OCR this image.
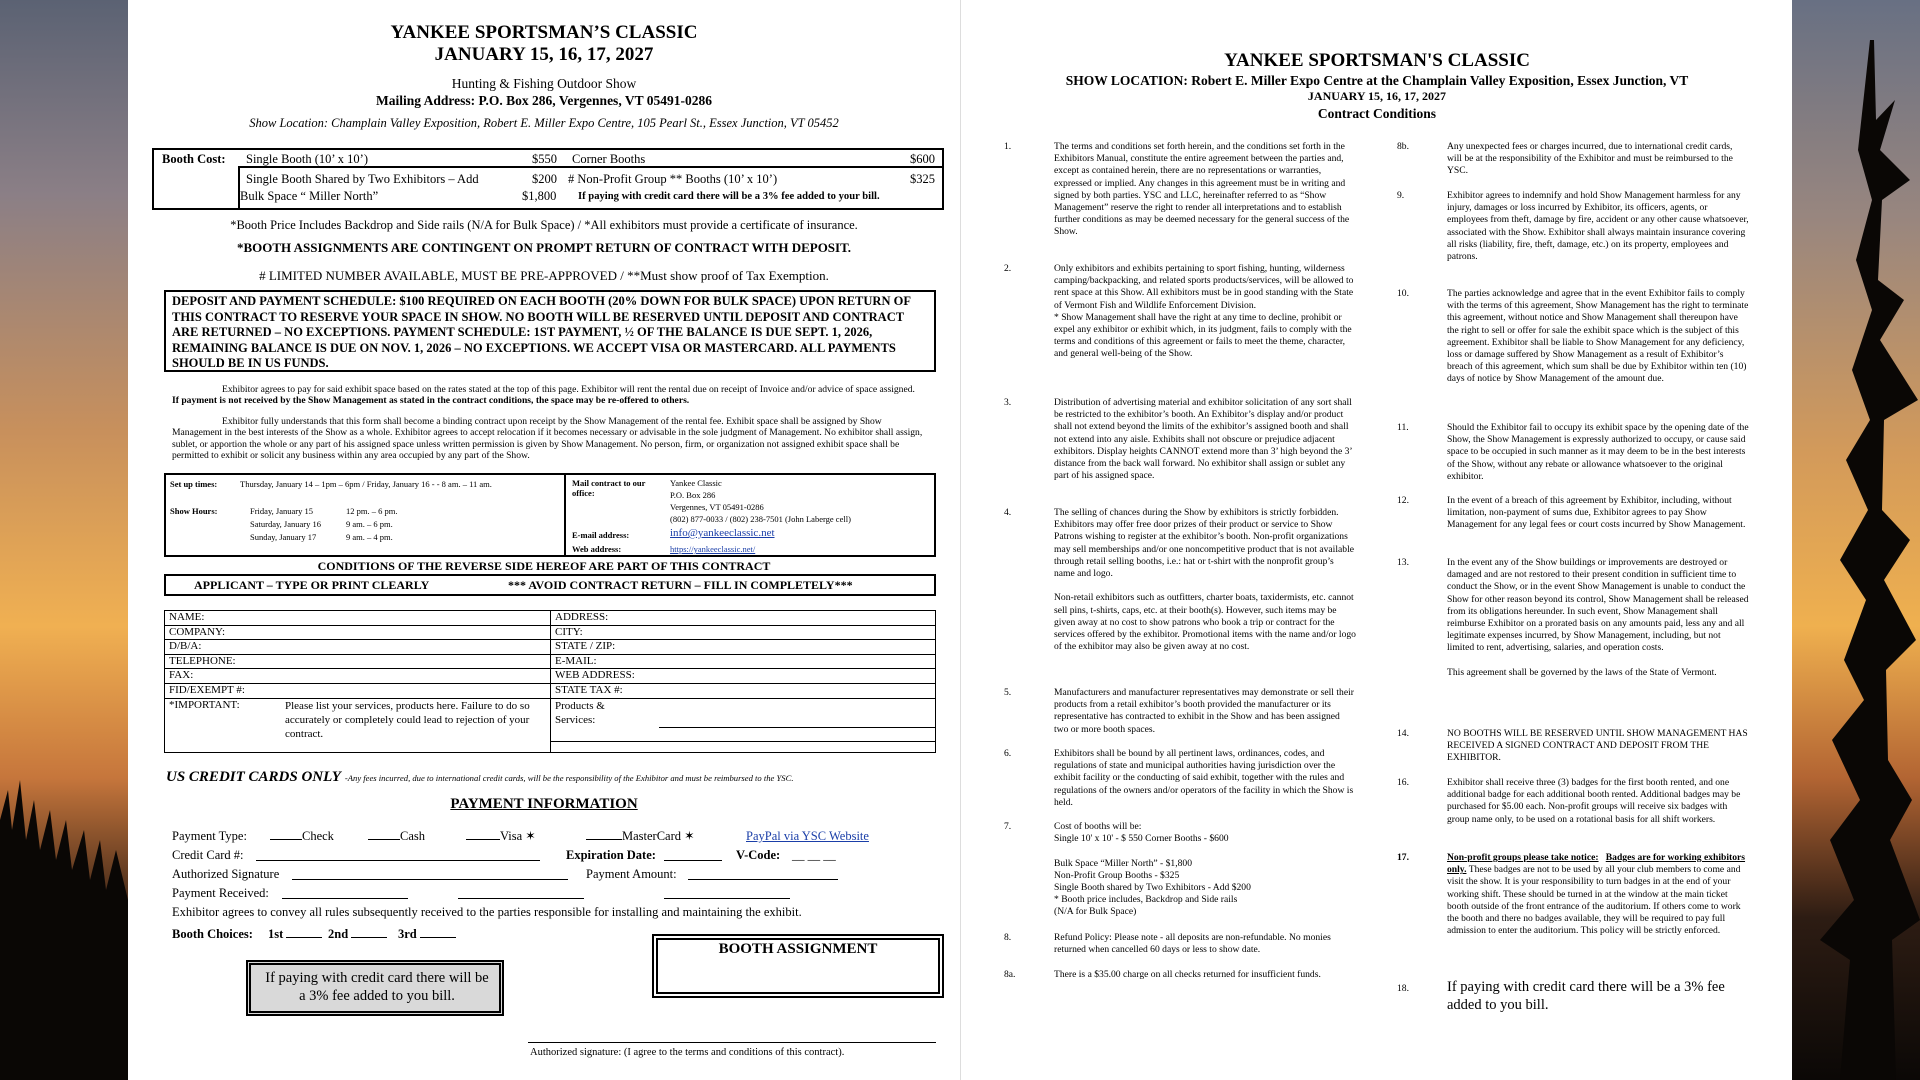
YANKEE SPORTSMAN’S CLASSIC
JANUARY 15, 16, 17, 2027
Hunting & Fishing Outdoor Show
Mailing Address: P.O. Box 286, Vergennes, VT 05491-0286
Show Location: Champlain Valley Exposition, Robert E. Miller Expo Centre, 105 Pearl St., Essex Junction, VT 05452
Booth Cost: Single Booth (10’ x 10’)	$550 Corner Booths	$600
Single Booth Shared by Two Exhibitors – Add	$200 # Non-Profit Group ** Booths (10’ x 10’)	$325
Bulk Space “ Miller North”	$1,800 If paying with credit card there will be a 3% fee added to your bill.
*Booth Price Includes Backdrop and Side rails (N/A for Bulk Space) / *All exhibitors must provide a certificate of insurance.
*BOOTH ASSIGNMENTS ARE CONTINGENT ON PROMPT RETURN OF CONTRACT WITH DEPOSIT.
# LIMITED NUMBER AVAILABLE, MUST BE PRE-APPROVED / **Must show proof of Tax Exemption.
DEPOSIT AND PAYMENT SCHEDULE: $100 REQUIRED ON EACH BOOTH (20% DOWN FOR BULK SPACE) UPON RETURN OF THIS CONTRACT TO RESERVE YOUR SPACE IN SHOW. NO BOOTH WILL BE RESERVED UNTIL DEPOSIT AND CONTRACT ARE RETURNED – NO EXCEPTIONS. PAYMENT SCHEDULE: 1ST PAYMENT, ½ OF THE BALANCE IS DUE SEPT. 1, 2026, REMAINING BALANCE IS DUE ON NOV. 1, 2026 – NO EXCEPTIONS. WE ACCEPT VISA OR MASTERCARD. ALL PAYMENTS SHOULD BE IN US FUNDS.
Exhibitor agrees to pay for said exhibit space based on the rates stated at the top of this page. Exhibitor will rent the rental due on receipt of Invoice and/or advice of space assigned. If payment is not received by the Show Management as stated in the contract conditions, the space may be re-offered to others.
Exhibitor fully understands that this form shall become a binding contract upon receipt by the Show Management of the rental fee. Exhibit space shall be assigned by Show Management in the best interests of the Show as a whole. Exhibitor agrees to accept relocation if it becomes necessary or advisable in the sole judgment of Management. No exhibitor shall assign, sublet, or apportion the whole or any part of his assigned space unless written permission is given by Show Management. No person, firm, or organization not assigned exhibit space shall be permitted to exhibit or solicit any business within any area occupied by any part of the Show.
Set up times:	Thursday, January 14 – 1pm – 6pm / Friday, January 16 - - 8 am. – 11 am.
Show Hours:	Friday, January 15	12 pm. – 6 pm.
Saturday, January 16	9 am. – 6 pm.
Sunday, January 17	9 am. – 4 pm.
Mail contract to our office:
Yankee Classic
P.O. Box 286
Vergennes, VT 05491-0286
(802) 877-0033 / (802) 238-7501 (John Laberge cell)
E-mail address:	info@yankeeclassic.net
Web address:	https://yankeeclassic.net/
CONDITIONS OF THE REVERSE SIDE HEREOF ARE PART OF THIS CONTRACT
APPLICANT – TYPE OR PRINT CLEARLY	*** AVOID CONTRACT RETURN – FILL IN COMPLETELY***
NAME:	ADDRESS:
COMPANY:	CITY:
D/B/A:	STATE / ZIP:
TELEPHONE:	E-MAIL:
FAX:	WEB ADDRESS:
FID/EXEMPT #:	STATE TAX #:

*IMPORTANT: Please list your services, products here. Failure to do so accurately or completely could lead to rejection of your contract.	Products & Services:
US CREDIT CARDS ONLY -Any fees incurred, due to international credit cards, will be the responsibility of the Exhibitor and must be reimbursed to the YSC.
PAYMENT INFORMATION
Payment Type:	Check	Cash	Visa ✶	MasterCard ✶	PayPal via YSC Website
Credit Card #:	Expiration Date:	V-Code: __ __ __
Authorized Signature	Payment Amount:
Payment Received:
Exhibitor agrees to convey all rules subsequently received to the parties responsible for installing and maintaining the exhibit.
Booth Choices: 1st	2nd	3rd
If paying with credit card there will be a 3% fee added to you bill.
BOOTH ASSIGNMENT
Authorized signature: (I agree to the terms and conditions of this contract).
YANKEE SPORTSMAN'S CLASSIC
SHOW LOCATION: Robert E. Miller Expo Centre at the Champlain Valley Exposition, Essex Junction, VT
JANUARY 15, 16, 17, 2027
Contract Conditions
1.	The terms and conditions set forth herein, and the conditions set forth in the Exhibitors Manual, constitute the entire agreement between the parties and, except as contained herein, there are no representations or warranties, expressed or implied. Any changes in this agreement must be in writing and signed by both parties. YSC and LLC, hereinafter referred to as “Show Management” reserve the right to render all interpretations and to establish further conditions as may be deemed necessary for the general success of the Show.
2.	Only exhibitors and exhibits pertaining to sport fishing, hunting, wilderness camping/backpacking, and related sports products/services, will be allowed to rent space at this Show. All exhibitors must be in good standing with the State of Vermont Fish and Wildlife Enforcement Division.
* Show Management shall have the right at any time to decline, prohibit or expel any exhibitor or exhibit which, in its judgment, fails to comply with the terms and conditions of this agreement or fails to meet the theme, character, and general well-being of the Show.
3.	Distribution of advertising material and exhibitor solicitation of any sort shall be restricted to the exhibitor’s booth. An Exhibitor’s display and/or product shall not extend beyond the limits of the exhibitor’s assigned booth and shall not extend into any aisle. Exhibits shall not obscure or prejudice adjacent exhibitors. Display heights CANNOT extend more than 3’ high beyond the 3’ distance from the back wall forward. No exhibitor shall assign or sublet any part of his assigned space.
4.	The selling of chances during the Show by exhibitors is strictly forbidden. Exhibitors may offer free door prizes of their product or service to Show Patrons wishing to register at the exhibitor’s booth. Non-profit organizations may sell memberships and/or one noncompetitive product that is not available through retail selling booths, i.e.: hat or t-shirt with the nonprofit group’s name and logo.

Non-retail exhibitors such as outfitters, charter boats, taxidermists, etc. cannot sell pins, t-shirts, caps, etc. at their booth(s). However, such items may be given away at no cost to show patrons who book a trip or contract for the services offered by the exhibitor. Promotional items with the name and/or logo of the exhibitor may also be given away at no cost.
5.	Manufacturers and manufacturer representatives may demonstrate or sell their products from a retail exhibitor’s booth provided the manufacturer or its representative has contracted to exhibit in the Show and has been assigned two or more booth spaces.
6.	Exhibitors shall be bound by all pertinent laws, ordinances, codes, and regulations of state and municipal authorities having jurisdiction over the exhibit facility or the conducting of said exhibit, together with the rules and regulations of the owners and/or operators of the facility in which the Show is held.
7.	Cost of booths will be:
Single 10' x 10' - $ 550 Corner Booths - $600

Bulk Space “Miller North” - $1,800
Non-Profit Group Booths - $325
Single Booth shared by Two Exhibitors - Add $200
* Booth price includes, Backdrop and Side rails
(N/A for Bulk Space)
8.	Refund Policy: Please note - all deposits are non-refundable. No monies returned when cancelled 60 days or less to show date.
8a.	There is a $35.00 charge on all checks returned for insufficient funds.
8b.	Any unexpected fees or charges incurred, due to international credit cards, will be at the responsibility of the Exhibitor and must be reimbursed to the YSC.
9.	Exhibitor agrees to indemnify and hold Show Management harmless for any injury, damages or loss incurred by Exhibitor, its officers, agents, or employees from theft, damage by fire, accident or any other cause whatsoever, associated with the Show. Exhibitor shall always maintain insurance covering all risks (liability, fire, theft, damage, etc.) on its property, employees and patrons.
10.	The parties acknowledge and agree that in the event Exhibitor fails to comply with the terms of this agreement, Show Management has the right to terminate this agreement, without notice and Show Management shall thereupon have the right to sell or offer for sale the exhibit space which is the subject of this agreement. Exhibitor shall be liable to Show Management for any deficiency, loss or damage suffered by Show Management as a result of Exhibitor’s breach of this agreement, which sum shall be due by Exhibitor within ten (10) days of notice by Show Management of the amount due.
11.	Should the Exhibitor fail to occupy its exhibit space by the opening date of the Show, the Show Management is expressly authorized to occupy, or cause said space to be occupied in such manner as it may deem to be in the best interests of the Show, without any rebate or allowance whatsoever to the original exhibitor.
12.	In the event of a breach of this agreement by Exhibitor, including, without limitation, non-payment of sums due, Exhibitor agrees to pay Show Management for any legal fees or court costs incurred by Show Management.
13.	In the event any of the Show buildings or improvements are destroyed or damaged and are not restored to their present condition in sufficient time to conduct the Show, or in the event Show Management is unable to conduct the Show for other reason beyond its control, Show Management shall be released from its obligations hereunder. In such event, Show Management shall reimburse Exhibitor on a prorated basis on any amounts paid, less any and all legitimate expenses incurred, by Show Management, including, but not limited to rent, advertising, salaries, and operation costs.

This agreement shall be governed by the laws of the State of Vermont.
14.	NO BOOTHS WILL BE RESERVED UNTIL SHOW MANAGEMENT HAS RECEIVED A SIGNED CONTRACT AND DEPOSIT FROM THE EXHIBITOR.
16.	Exhibitor shall receive three (3) badges for the first booth rented, and one additional badge for each additional booth rented. Additional badges may be purchased for $5.00 each. Non-profit groups will receive six badges with group name only, to be used on a rotational basis for all shift workers.
17.	Non-profit groups please take notice: Badges are for working exhibitors only. These badges are not to be used by all your club members to come and visit the show. It is your responsibility to turn badges in at the end of your working shift. These should be turned in at the window at the main ticket booth outside of the front entrance of the auditorium. If others come to work the booth and there no badges available, they will be required to pay full admission to enter the auditorium. This policy will be strictly enforced.
18.	If paying with credit card there will be a 3% fee added to you bill.
